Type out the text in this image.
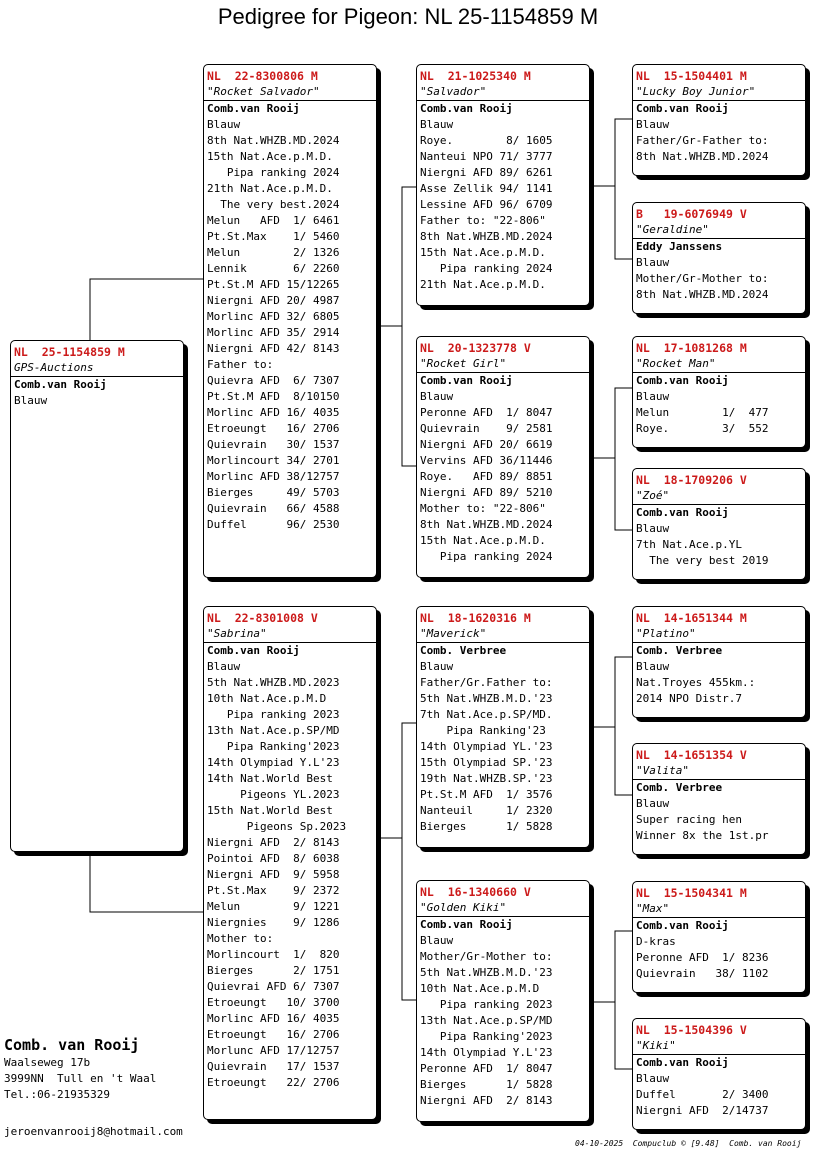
Pedigree for Pigeon: NL 25-1154859 M
NL  25-1154859 M
GPS-Auctions
Comb.van Rooij
Blauw
NL  22-8300806 M
"Rocket Salvador"
Comb.van Rooij
Blauw
8th Nat.WHZB.MD.2024
15th Nat.Ace.p.M.D.
Pipa ranking 2024
21th Nat.Ace.p.M.D.
The very best.2024
Melun   AFD  1/ 6461
Pt.St.Max    1/ 5460
Melun        2/ 1326
Lennik       6/ 2260
Pt.St.M AFD 15/12265
Niergni AFD 20/ 4987
Morlinc AFD 32/ 6805
Morlinc AFD 35/ 2914
Niergni AFD 42/ 8143
Father to:
Quievra AFD  6/ 7307
Pt.St.M AFD  8/10150
Morlinc AFD 16/ 4035
Etroeungt   16/ 2706
Quievrain   30/ 1537
Morlincourt 34/ 2701
Morlinc AFD 38/12757
Bierges     49/ 5703
Quievrain   66/ 4588
Duffel      96/ 2530
NL  22-8301008 V
"Sabrina"
Comb.van Rooij
Blauw
5th Nat.WHZB.MD.2023
10th Nat.Ace.p.M.D
Pipa ranking 2023
13th Nat.Ace.p.SP/MD
Pipa Ranking'2023
14th Olympiad Y.L'23
14th Nat.World Best
Pigeons YL.2023
15th Nat.World Best
Pigeons Sp.2023
Niergni AFD  2/ 8143
Pointoi AFD  8/ 6038
Niergni AFD  9/ 5958
Pt.St.Max    9/ 2372
Melun        9/ 1221
Niergnies    9/ 1286
Mother to:
Morlincourt  1/  820
Bierges      2/ 1751
Quievrai AFD 6/ 7307
Etroeungt   10/ 3700
Morlinc AFD 16/ 4035
Etroeungt   16/ 2706
Morlunc AFD 17/12757
Quievrain   17/ 1537
Etroeungt   22/ 2706
NL  21-1025340 M
"Salvador"
Comb.van Rooij
Blauw
Roye.        8/ 1605
Nanteui NPO 71/ 3777
Niergni AFD 89/ 6261
Asse Zellik 94/ 1141
Lessine AFD 96/ 6709
Father to: "22-806"
8th Nat.WHZB.MD.2024
15th Nat.Ace.p.M.D.
Pipa ranking 2024
21th Nat.Ace.p.M.D.
NL  20-1323778 V
"Rocket Girl"
Comb.van Rooij
Blauw
Peronne AFD  1/ 8047
Quievrain    9/ 2581
Niergni AFD 20/ 6619
Vervins AFD 36/11446
Roye.   AFD 89/ 8851
Niergni AFD 89/ 5210
Mother to: "22-806"
8th Nat.WHZB.MD.2024
15th Nat.Ace.p.M.D.
Pipa ranking 2024
NL  18-1620316 M
"Maverick"
Comb. Verbree
Blauw
Father/Gr.Father to:
5th Nat.WHZB.M.D.'23
7th Nat.Ace.p.SP/MD.
Pipa Ranking'23
14th Olympiad YL.'23
15th Olympiad SP.'23
19th Nat.WHZB.SP.'23
Pt.St.M AFD  1/ 3576
Nanteuil     1/ 2320
Bierges      1/ 5828
NL  16-1340660 V
"Golden Kiki"
Comb.van Rooij
Blauw
Mother/Gr-Mother to:
5th Nat.WHZB.M.D.'23
10th Nat.Ace.p.M.D
Pipa ranking 2023
13th Nat.Ace.p.SP/MD
Pipa Ranking'2023
14th Olympiad Y.L'23
Peronne AFD  1/ 8047
Bierges      1/ 5828
Niergni AFD  2/ 8143
NL  15-1504401 M
"Lucky Boy Junior"
Comb.van Rooij
Blauw
Father/Gr-Father to:
8th Nat.WHZB.MD.2024
B   19-6076949 V
"Geraldine"
Eddy Janssens
Blauw
Mother/Gr-Mother to:
8th Nat.WHZB.MD.2024
NL  17-1081268 M
"Rocket Man"
Comb.van Rooij
Blauw
Melun        1/  477
Roye.        3/  552
NL  18-1709206 V
"Zoé"
Comb.van Rooij
Blauw
7th Nat.Ace.p.YL
The very best 2019
NL  14-1651344 M
"Platino"
Comb. Verbree
Blauw
Nat.Troyes 455km.:
2014 NPO Distr.7
NL  14-1651354 V
"Valita"
Comb. Verbree
Blauw
Super racing hen
Winner 8x the 1st.pr
NL  15-1504341 M
"Max"
Comb.van Rooij
D-kras
Peronne AFD  1/ 8236
Quievrain   38/ 1102
NL  15-1504396 V
"Kiki"
Comb.van Rooij
Blauw
Duffel       2/ 3400
Niergni AFD  2/14737
Comb. van Rooij
Waalseweg 17b
3999NN  Tull en 't Waal
Tel.:06-21935329
jeroenvanrooij8@hotmail.com
04-10-2025  Compuclub © [9.48]  Comb. van Rooij
